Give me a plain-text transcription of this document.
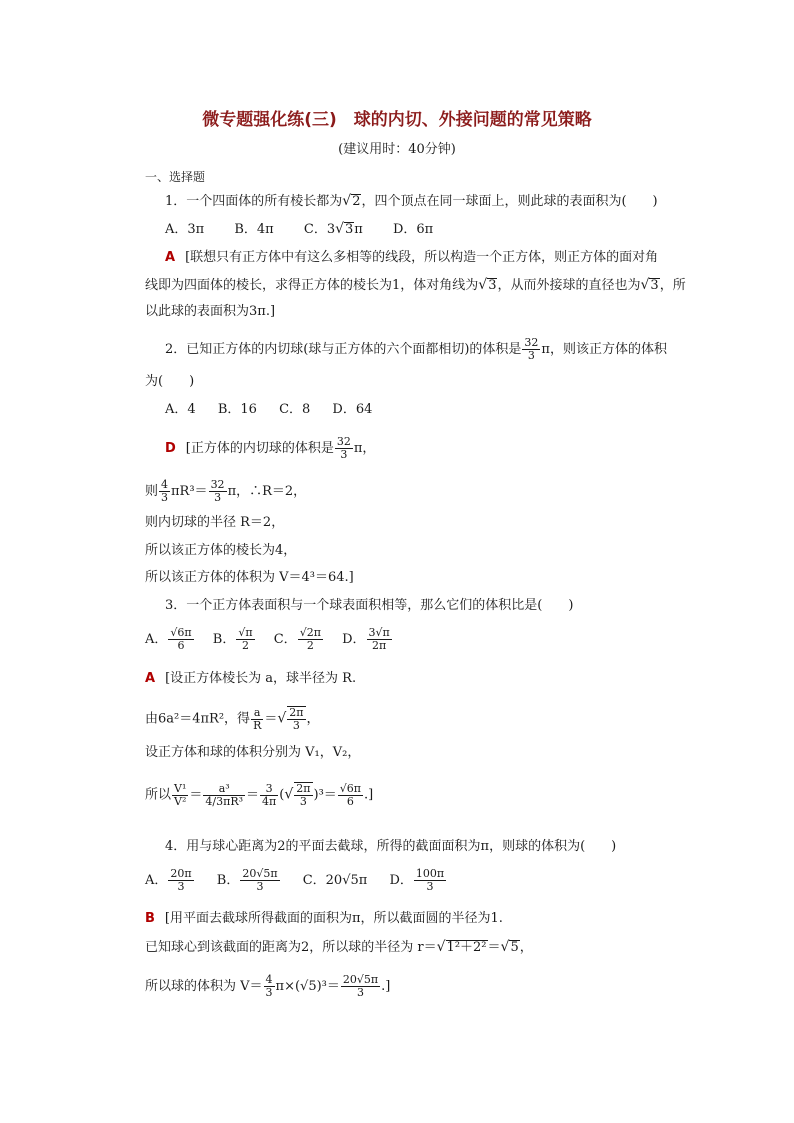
微专题强化练(三)　球的内切、外接问题的常见策略
(建议用时：40分钟)
一、选择题
1．一个四面体的所有棱长都为√2，四个顶点在同一球面上，则此球的表面积为(　　)
A．3π B．4π C．3√3π D．6π
A [联想只有正方体中有这么多相等的线段，所以构造一个正方体，则正方体的面对角
线即为四面体的棱长，求得正方体的棱长为1，体对角线为√3，从而外接球的直径也为√3，所
以此球的表面积为3π.]
2．已知正方体的内切球(球与正方体的六个面都相切)的体积是 $\frac{32}{3}$ π，则该正方体的体积
为(　　)
A．4 B．16 C．8 D．64
D [正方体的内切球的体积是 $\frac{32}{3}$ π，
则 $\frac{4}{3} \pi R^3= \frac{32}{3}$ π，∴R＝2，
则内切球的半径 R＝2，
所以该正方体的棱长为4，
所以该正方体的体积为 V＝4³＝64.]
3．一个正方体表面积与一个球表面积相等，那么它们的体积比是(　　)
A． $\frac{√6\pi}{6}$ B． $\frac{√\pi}{2}$ C． $\frac{√2\pi}{2}$ D． $\frac{3√\pi}{2\pi}$
A [设正方体棱长为 a，球半径为 R.
由6a²＝4πR²，得 $\frac{a}{R}$ ＝√ $\frac{2\pi}{3}$ ，
设正方体和球的体积分别为 V₁，V₂，
所以 $\frac{\text{V¹}}{\text{V²}} = \frac{\text{a³}}{\text{4/3πR³}} = \frac{3}{4\pi}$ (√ $\frac{2\pi}{3} )^3= \frac{√6\pi}{6}$ .]
4．用与球心距离为2的平面去截球，所得的截面面积为π，则球的体积为(　　)
A． $\frac{20\pi}{3}$ B． $\frac{20√5\pi}{3}$ C．20√5π D． $\frac{100\pi}{3}$
B [用平面去截球所得截面的面积为π，所以截面圆的半径为1.
已知球心到该截面的距离为2，所以球的半径为 r＝√1²＋2²＝√5，
所以球的体积为 $V= \frac{4}{3} \pi\times(√5)^3= \frac{20√5\pi}{3}$ .]
